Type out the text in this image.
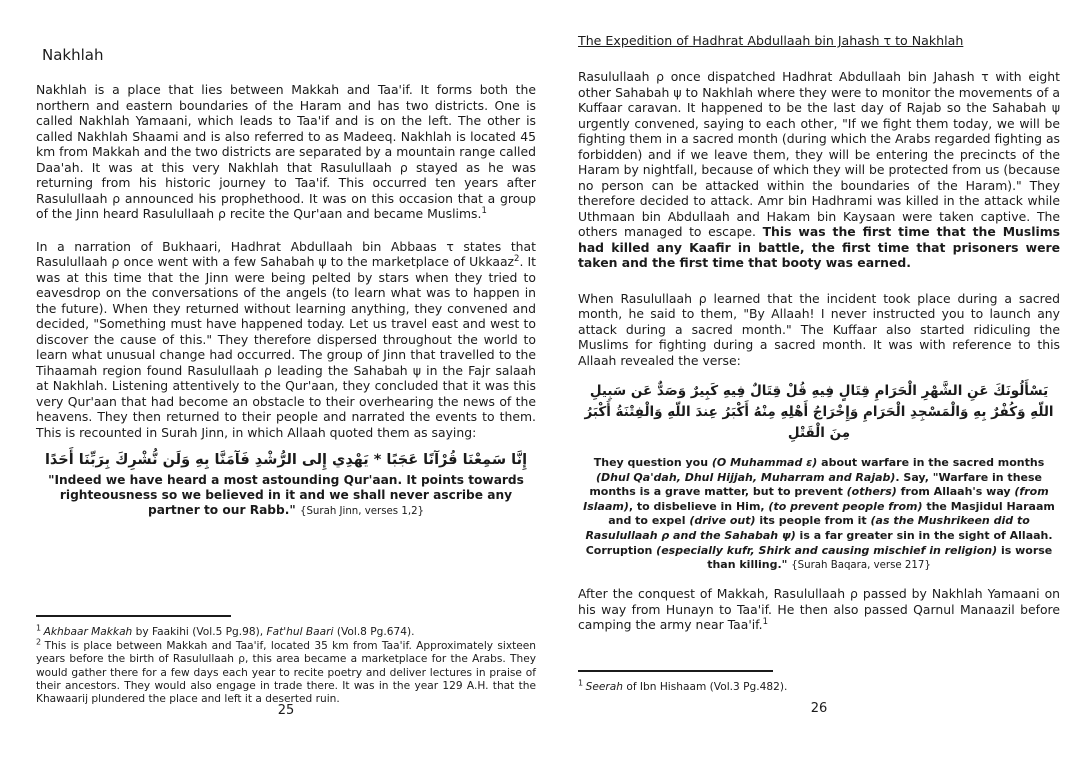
Nakhlah

Nakhlah is a place that lies between Makkah and Taa'if. It forms both the northern and eastern boundaries of the Haram and has two districts. One is called Nakhlah Yamaani, which leads to Taa'if and is on the left. The other is called Nakhlah Shaami and is also referred to as Madeeq. Nakhlah is located 45 km from Makkah and the two districts are separated by a mountain range called Daa'ah. It was at this very Nakhlah that Rasulullaah ρ stayed as he was returning from his historic journey to Taa'if. This occurred ten years after Rasulullaah ρ announced his prophethood. It was on this occasion that a group of the Jinn heard Rasulullaah ρ recite the Qur'aan and became Muslims.$^1$

In a narration of Bukhaari, Hadhrat Abdullaah bin Abbaas τ states that Rasulullaah ρ once went with a few Sahabah ψ to the marketplace of Ukkaaz$^2$. It was at this time that the Jinn were being pelted by stars when they tried to eavesdrop on the conversations of the angels (to learn what was to happen in the future). When they returned without learning anything, they convened and decided, "Something must have happened today. Let us travel east and west to discover the cause of this." They therefore dispersed throughout the world to learn what unusual change had occurred. The group of Jinn that travelled to the Tihaamah region found Rasulullaah ρ leading the Sahabah ψ in the Fajr salaah at Nakhlah. Listening attentively to the Qur'aan, they concluded that it was this very Qur'aan that had become an obstacle to their overhearing the news of the heavens. They then returned to their people and narrated the events to them. This is recounted in Surah Jinn, in which Allaah quoted them as saying:

إِنَّا سَمِعْنَا قُرْآنًا عَجَبًا * يَهْدِي إِلى الرُّشْدِ فَآمَنَّا بِهِ وَلَن نُّشْرِكَ بِرَبِّنَا أَحَدًا
"Indeed we have heard a most astounding Qur'aan. It points towards righteousness so we believed in it and we shall never ascribe any partner to our Rabb." {Surah Jinn, verses 1,2}

$^1$ Akhbaar Makkah by Faakihi (Vol.5 Pg.98), Fat'hul Baari (Vol.8 Pg.674).

$^2$ This is place between Makkah and Taa'if, located 35 km from Taa'if. Approximately sixteen years before the birth of Rasulullaah ρ, this area became a marketplace for the Arabs. They would gather there for a few days each year to recite poetry and deliver lectures in praise of their ancestors. They would also engage in trade there. It was in the year 129 A.H. that the Khawaarij plundered the place and left it a deserted ruin.

25
The Expedition of Hadhrat Abdullaah bin Jahash τ to Nakhlah

Rasulullaah ρ once dispatched Hadhrat Abdullaah bin Jahash τ with eight other Sahabah ψ to Nakhlah where they were to monitor the movements of a Kuffaar caravan. It happened to be the last day of Rajab so the Sahabah ψ urgently convened, saying to each other, "If we fight them today, we will be fighting them in a sacred month (during which the Arabs regarded fighting as forbidden) and if we leave them, they will be entering the precincts of the Haram by nightfall, because of which they will be protected from us (because no person can be attacked within the boundaries of the Haram)." They therefore decided to attack. Amr bin Hadhrami was killed in the attack while Uthmaan bin Abdullaah and Hakam bin Kaysaan were taken captive. The others managed to escape. This was the first time that the Muslims had killed any Kaafir in battle, the first time that prisoners were taken and the first time that booty was earned.

When Rasulullaah ρ learned that the incident took place during a sacred month, he said to them, "By Allaah! I never instructed you to launch any attack during a sacred month." The Kuffaar also started ridiculing the Muslims for fighting during a sacred month. It was with reference to this Allaah revealed the verse:

يَسْأَلُونَكَ عَنِ الشَّهْرِ الْحَرَامِ قِتَالٍ فِيهِ قُلْ قِتَالٌ فِيهِ كَبِيرٌ وَصَدٌّ عَن سَبِيلِ اللّهِ وَكُفْرٌ بِهِ وَالْمَسْجِدِ الْحَرَامِ وَإِخْرَاجُ أَهْلِهِ مِنْهُ أَكْبَرُ عِندَ اللّهِ وَالْفِتْنَةُ أَكْبَرُ مِنَ الْقَتْلِ
They question you (O Muhammad ε) about warfare in the sacred months (Dhul Qa'dah, Dhul Hijjah, Muharram and Rajab). Say, "Warfare in these months is a grave matter, but to prevent (others) from Allaah's way (from Islaam), to disbelieve in Him, (to prevent people from) the Masjidul Haraam and to expel (drive out) its people from it (as the Mushrikeen did to Rasulullaah ρ and the Sahabah ψ) is a far greater sin in the sight of Allaah. Corruption (especially kufr, Shirk and causing mischief in religion) is worse than killing." {Surah Baqara, verse 217}

After the conquest of Makkah, Rasulullaah ρ passed by Nakhlah Yamaani on his way from Hunayn to Taa'if. He then also passed Qarnul Manaazil before camping the army near Taa'if.$^1$

$^1$ Seerah of Ibn Hishaam (Vol.3 Pg.482).

26
